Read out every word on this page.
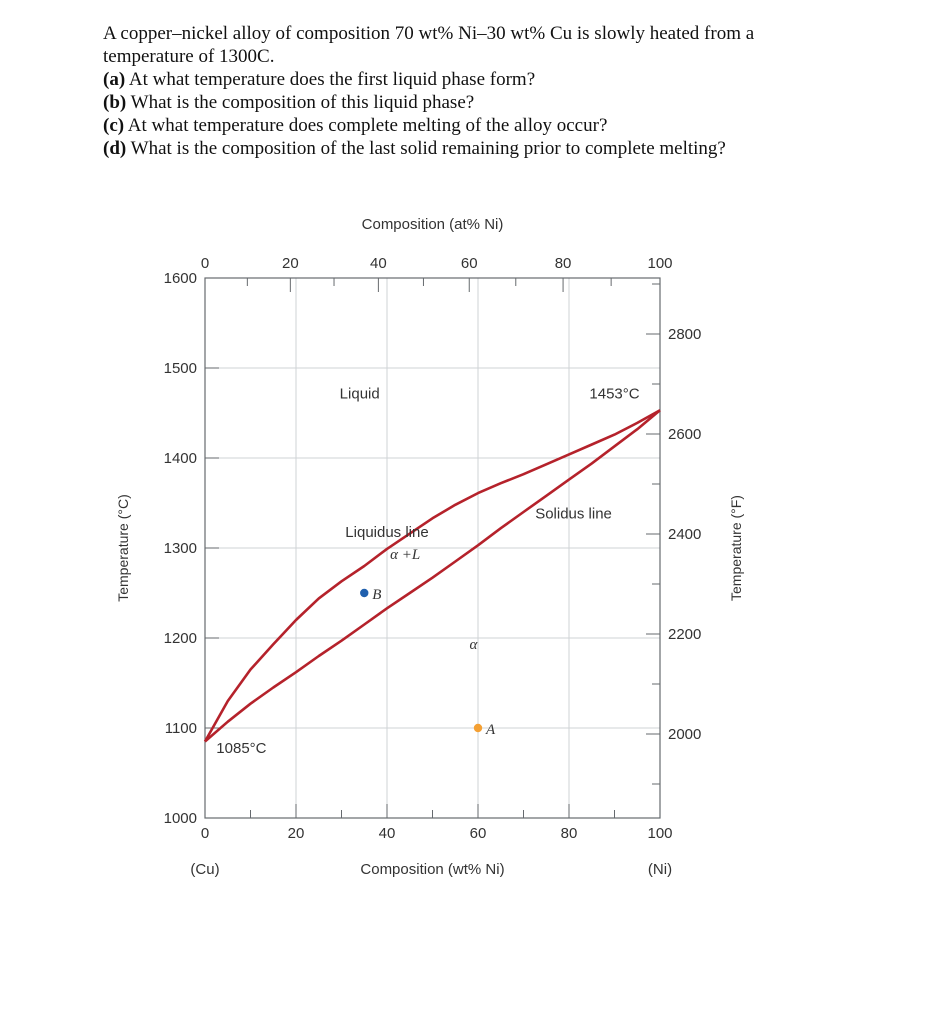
A copper–nickel alloy of composition 70 wt% Ni–30 wt% Cu is slowly heated from a temperature of 1300C.

(a) At what temperature does the first liquid phase form?

(b) What is the composition of this liquid phase?

(c) At what temperature does complete melting of the alloy occur?

(d) What is the composition of the last solid remaining prior to complete melting?

0	20	40	60	80	100
0	20	40	60	80	100
1000
1100
1200
1300
1400
1500
1600
2000
2200
2400
2600
2800
Composition (at% Ni)
Composition (wt% Ni)
(Cu)	(Ni)
Temperature (°C)	Temperature (°F)
Liquid	1453°C
Liquidus line
Solidus line
α +L
α
1085°C
B
A
